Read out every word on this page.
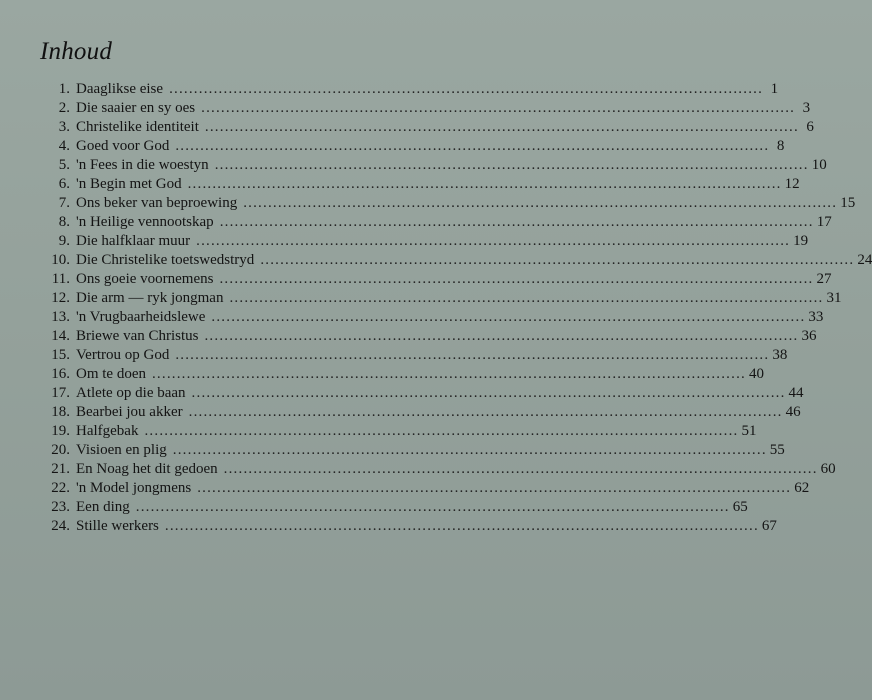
Inhoud
1. Daaglikse eise ........................................................................................................................ 1
2. Die saaier en sy oes ........................................................................................................................ 3
3. Christelike identiteit ........................................................................................................................ 6
4. Goed voor God ........................................................................................................................ 8
5. 'n Fees in die woestyn ........................................................................................................................ 10
6. 'n Begin met God ........................................................................................................................ 12
7. Ons beker van beproewing ........................................................................................................................ 15
8. 'n Heilige vennootskap ........................................................................................................................ 17
9. Die halfklaar muur ........................................................................................................................ 19
10. Die Christelike toetswedstryd ........................................................................................................................ 24
11. Ons goeie voornemens ........................................................................................................................ 27
12. Die arm — ryk jongman ........................................................................................................................ 31
13. 'n Vrugbaarheidslewe ........................................................................................................................ 33
14. Briewe van Christus ........................................................................................................................ 36
15. Vertrou op God ........................................................................................................................ 38
16. Om te doen ........................................................................................................................ 40
17. Atlete op die baan ........................................................................................................................ 44
18. Bearbei jou akker ........................................................................................................................ 46
19. Halfgebak ........................................................................................................................ 51
20. Visioen en plig ........................................................................................................................ 55
21. En Noag het dit gedoen ........................................................................................................................ 60
22. 'n Model jongmens ........................................................................................................................ 62
23. Een ding ........................................................................................................................ 65
24. Stille werkers ........................................................................................................................ 67
